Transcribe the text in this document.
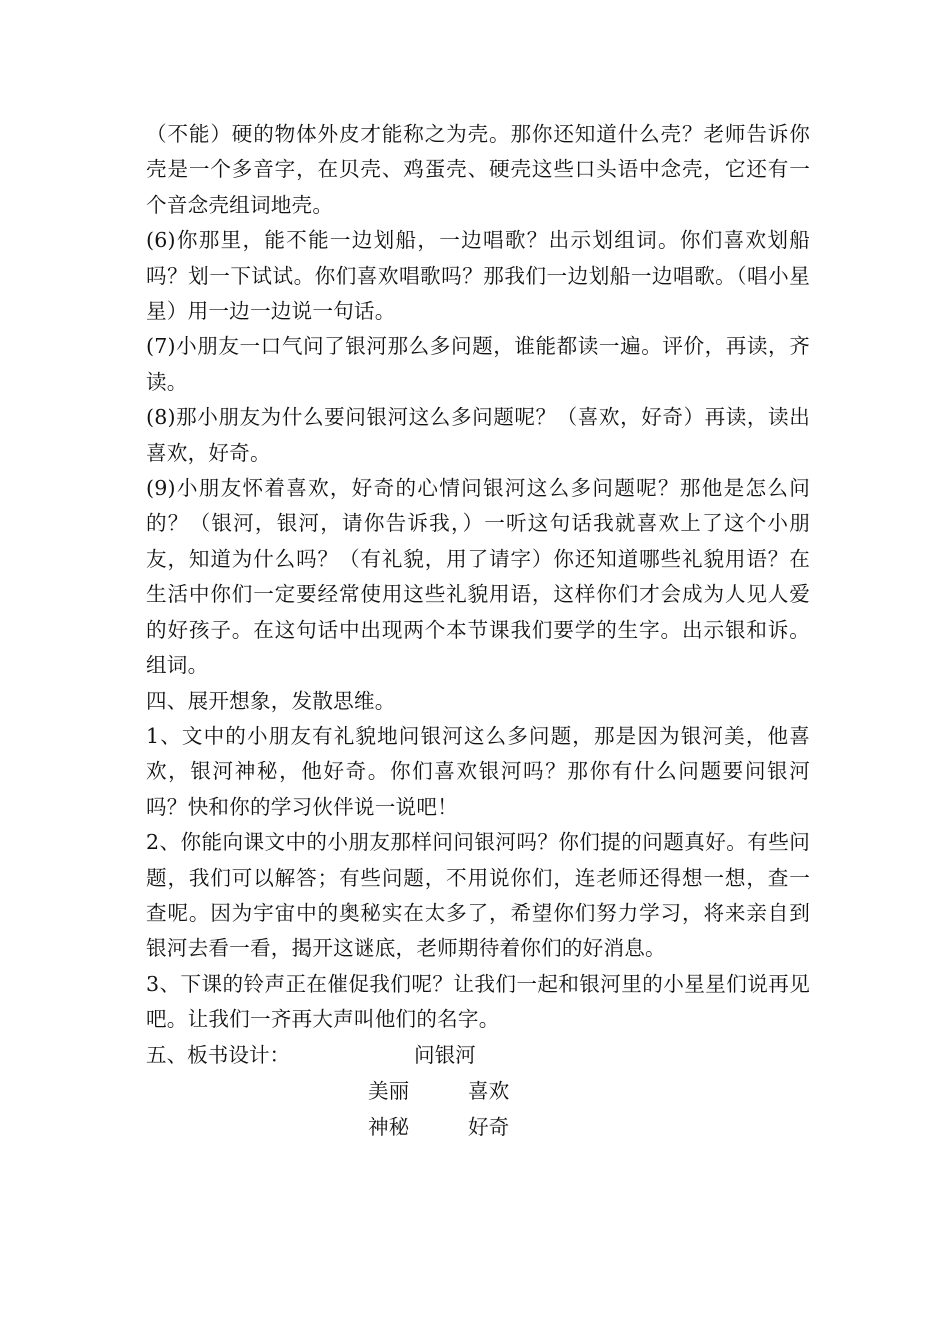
（不能）硬的物体外皮才能称之为壳。那你还知道什么壳？老师告诉你壳是一个多音字，在贝壳、鸡蛋壳、硬壳这些口头语中念壳，它还有一个音念壳组词地壳。

(6)你那里，能不能一边划船，一边唱歌？出示划组词。你们喜欢划船吗？划一下试试。你们喜欢唱歌吗？那我们一边划船一边唱歌。（唱小星星）用一边一边说一句话。

(7)小朋友一口气问了银河那么多问题，谁能都读一遍。评价，再读，齐读。

(8)那小朋友为什么要问银河这么多问题呢？（喜欢，好奇）再读，读出喜欢，好奇。

(9)小朋友怀着喜欢，好奇的心情问银河这么多问题呢？那他是怎么问的？（银河，银河，请你告诉我，）一听这句话我就喜欢上了这个小朋友，知道为什么吗？（有礼貌，用了请字）你还知道哪些礼貌用语？在生活中你们一定要经常使用这些礼貌用语，这样你们才会成为人见人爱的好孩子。在这句话中出现两个本节课我们要学的生字。出示银和诉。组词。

四、展开想象，发散思维。

1、文中的小朋友有礼貌地问银河这么多问题，那是因为银河美，他喜欢，银河神秘，他好奇。你们喜欢银河吗？那你有什么问题要问银河吗？快和你的学习伙伴说一说吧！

2、你能向课文中的小朋友那样问问银河吗？你们提的问题真好。有些问题，我们可以解答；有些问题，不用说你们，连老师还得想一想，查一查呢。因为宇宙中的奥秘实在太多了，希望你们努力学习，将来亲自到银河去看一看，揭开这谜底，老师期待着你们的好消息。

3、下课的铃声正在催促我们呢？让我们一起和银河里的小星星们说再见吧。让我们一齐再大声叫他们的名字。

五、板书设计：	问银河
美丽	喜欢
神秘	好奇
